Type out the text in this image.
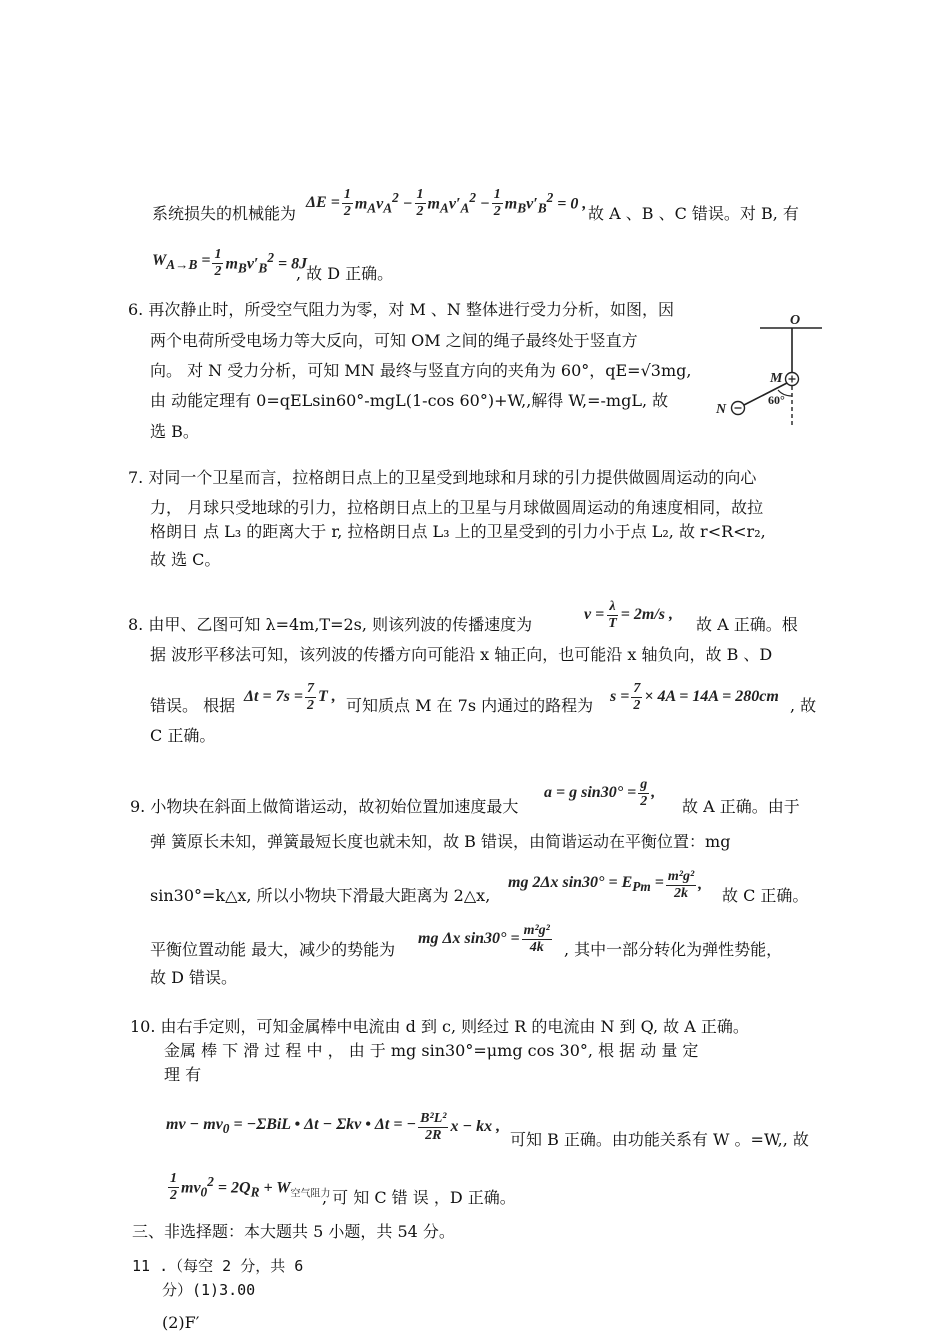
系统损失的机械能为
$\Delta E = \frac{1}{2} m_Av_A^2 - \frac{1}{2} m_Av'_A^2 - \frac{1}{2} m_Bv'_B^2 = 0$ ,
故 A 、B 、C 错误。对 B, 有
$W_{A\to B} = \frac{1}{2} m_Bv'_B^2 = 8J$
, 故 D 正确。
6. 再次静止时，所受空气阻力为零，对 M 、N 整体进行受力分析，如图，因
两个电荷所受电场力等大反向，可知 OM 之间的绳子最终处于竖直方
向。 对 N 受力分析，可知 MN 最终与竖直方向的夹角为 60°，qE=√3mg,
由 动能定理有 0=qELsin60°-mgL(1-cos 60°)+W,,解得 W,=-mgL, 故
选 B。
O
M
N
60°
7. 对同一个卫星而言，拉格朗日点上的卫星受到地球和月球的引力提供做圆周运动的向心
力， 月球只受地球的引力，拉格朗日点上的卫星与月球做圆周运动的角速度相同，故拉
格朗日 点 L₃ 的距离大于 r, 拉格朗日点 L₃ 上的卫星受到的引力小于点 L₂, 故 r<R<r₂,
故 选 C。
8. 由甲、乙图可知 λ=4m,T=2s, 则该列波的传播速度为
$v = \frac{\lambda}{T} = 2m/s$ ,
故 A 正确。根
据 波形平移法可知，该列波的传播方向可能沿 x 轴正向，也可能沿 x 轴负向，故 B 、D
错误。 根据 $\Delta t = 7s = \frac{7}{2}$ T , 可知质点 M 在 7s 内通过的路程为 $s = \frac{7}{2} \times 4A = 14A = 280cm$ , 故
C 正确。
9. 小物块在斜面上做简谐运动，故初始位置加速度最大
a = g $\sin 30^\circ = \frac{g}{2}$ ,
故 A 正确。由于
弹 簧原长未知，弹簧最短长度也就未知，故 B 错误，由简谐运动在平衡位置：mg
sin30°=k△x, 所以小物块下滑最大距离为 2△x,
mg 2Δx $\sin 30^\circ = E_{Pm} = \frac{\text{m²g²}}{2k}$ ,
故 C 正确。
平衡位置动能 最大，减少的势能为
mg Δx $\sin 30^\circ = \frac{\text{m²g²}}{4k}$ , 其中一部分转化为弹性势能，
故 D 错误。
10. 由右手定则，可知金属棒中电流由 d 到 c, 则经过 R 的电流由 N 到 Q, 故 A 正确。
金属 棒 下 滑 过 程 中 ， 由 于 mg sin30°=μmg cos 30°, 根 据 动 量 定
理 有
mv − $mv_0 = -\Sigma BiL$ • Δt − Σkv • Δt = − $\frac{\text{B²L²}}{2R}$ x − kx ,
可知 B 正确。由功能关系有 W 。=W,, 故
$\frac{1}{2} mv_0^2 = 2Q_R + W_{空气阻力}$
, 可 知 C 错 误 ，D 正确。
三、非选择题：本大题共 5 小题，共 54 分。
11 .（每空 2 分，共 6
分）(1)3.00
(2)F′
